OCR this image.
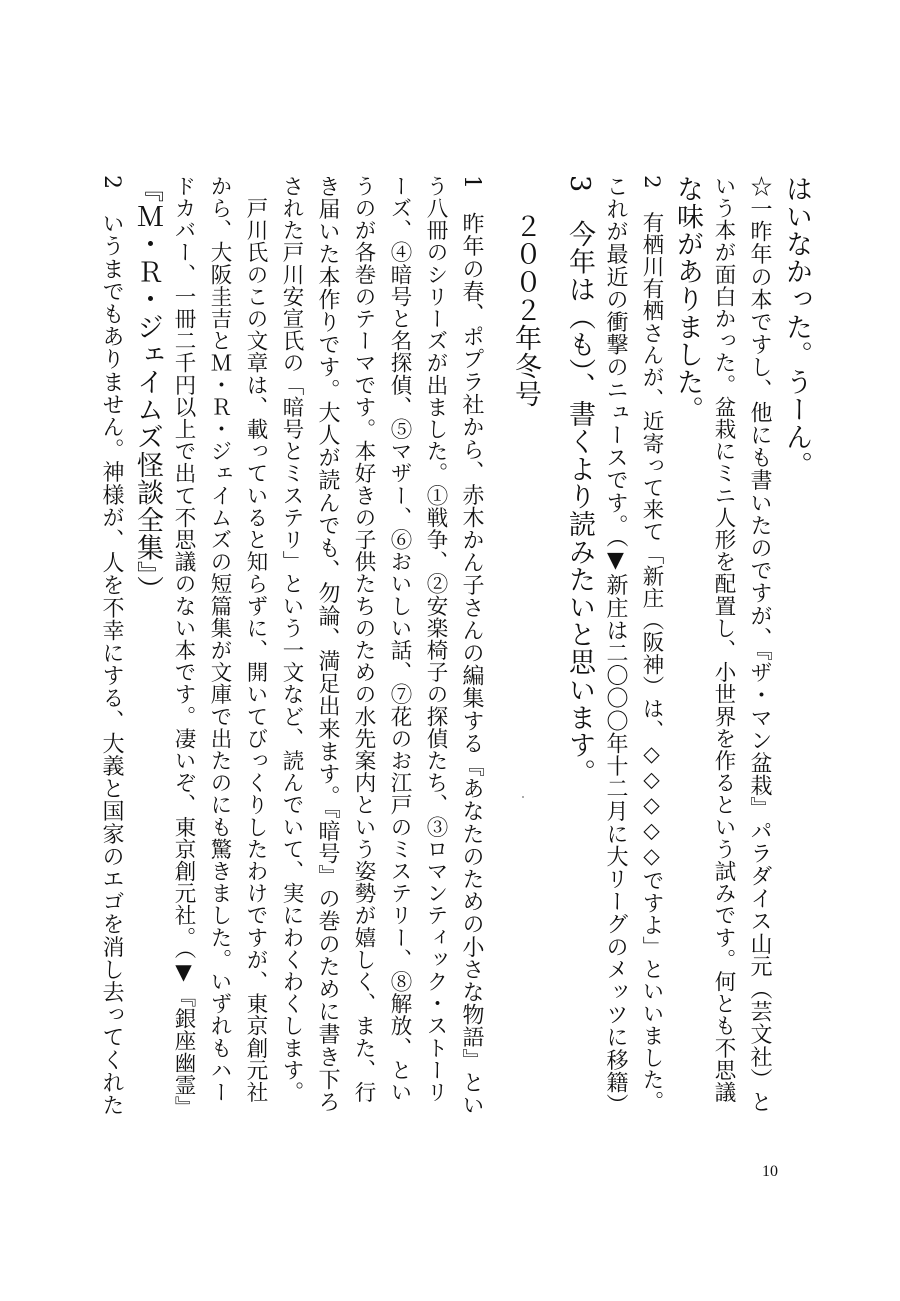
はいなかった。うーん。
☆一昨年の本ですし、他にも書いたのですが、『ザ・マン盆栽』パラダイス山元（芸文社）と
いう本が面白かった。盆栽にミニ人形を配置し、小世界を作るという試みです。何とも不思議
な味がありました。
2　有栖川有栖さんが、近寄って来て「新庄（阪神）は、◇◇◇◇◇ですよ」といいました。
これが最近の衝撃のニュースです。（▼新庄は二〇〇〇年十二月に大リーグのメッツに移籍）
3　今年は（も）、書くより読みたいと思います。
２００２年冬号
1　昨年の春、ポプラ社から、赤木かん子さんの編集する『あなたのための小さな物語』とい
う八冊のシリーズが出ました。①戦争、②安楽椅子の探偵たち、③ロマンティック・ストーリ
ーズ、④暗号と名探偵、⑤マザー、⑥おいしい話、⑦花のお江戸のミステリー、⑧解放、とい
うのが各巻のテーマです。本好きの子供たちのための水先案内という姿勢が嬉しく、また、行
き届いた本作りです。大人が読んでも、勿論、満足出来ます。『暗号』の巻のために書き下ろ
された戸川安宣氏の「暗号とミステリ」という一文など、読んでいて、実にわくわくします。
　戸川氏のこの文章は、載っていると知らずに、開いてびっくりしたわけですが、東京創元社
から、大阪圭吉とＭ・Ｒ・ジェイムズの短篇集が文庫で出たのにも驚きました。いずれもハー
ドカバー、一冊二千円以上で出て不思議のない本です。凄いぞ、東京創元社。（▼『銀座幽霊』
『Ｍ・Ｒ・ジェイムズ怪談全集』）
2　いうまでもありません。神様が、人を不幸にする、大義と国家のエゴを消し去ってくれた
10
